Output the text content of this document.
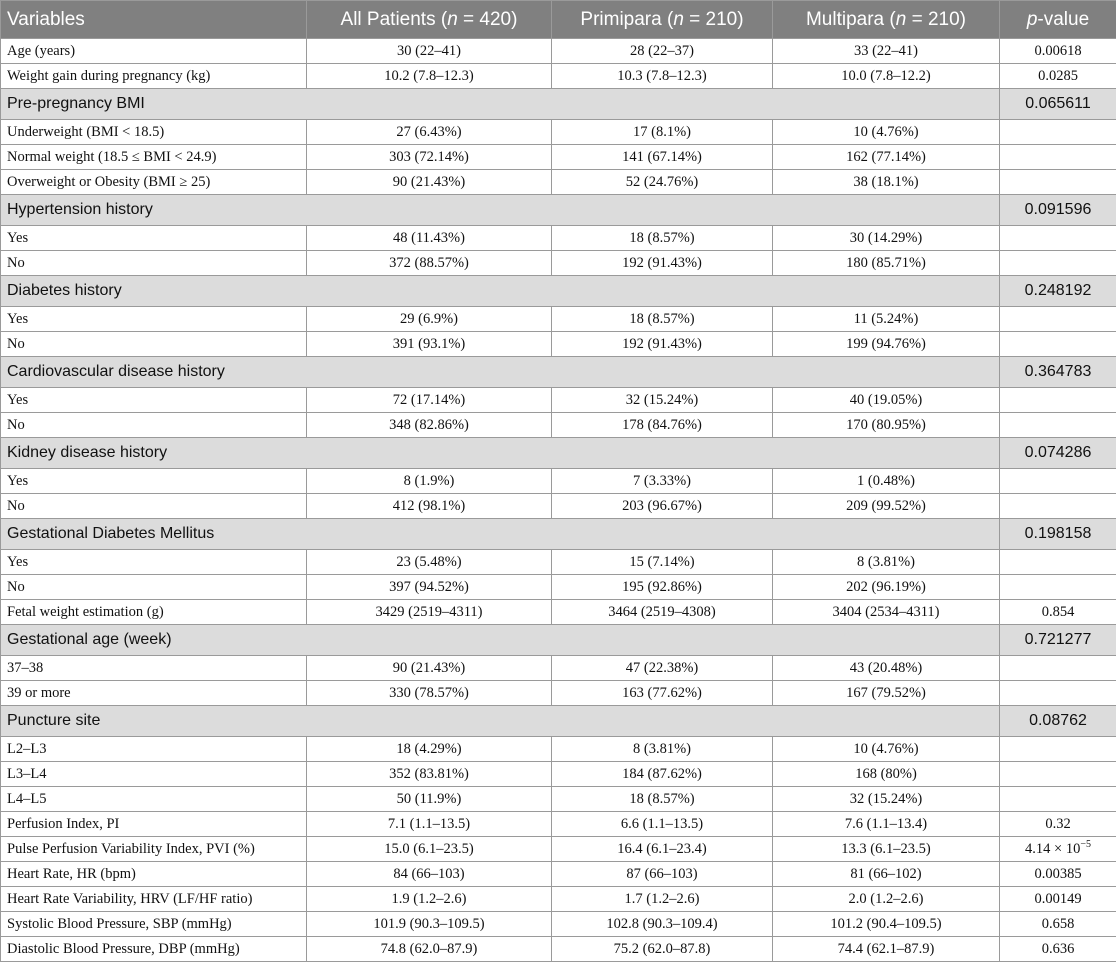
Variables	All Patients (n = 420)	Primipara (n = 210)	Multipara (n = 210)	p-value
Age (years)	30 (22–41)	28 (22–37)	33 (22–41)	0.00618
Weight gain during pregnancy (kg)	10.2 (7.8–12.3)	10.3 (7.8–12.3)	10.0 (7.8–12.2)	0.0285
Pre-pregnancy BMI				0.065611
Underweight (BMI < 18.5)	27 (6.43%)	17 (8.1%)	10 (4.76%)	
Normal weight (18.5 ≤ BMI < 24.9)	303 (72.14%)	141 (67.14%)	162 (77.14%)	
Overweight or Obesity (BMI ≥ 25)	90 (21.43%)	52 (24.76%)	38 (18.1%)	
Hypertension history				0.091596
Yes	48 (11.43%)	18 (8.57%)	30 (14.29%)	
No	372 (88.57%)	192 (91.43%)	180 (85.71%)	
Diabetes history				0.248192
Yes	29 (6.9%)	18 (8.57%)	11 (5.24%)	
No	391 (93.1%)	192 (91.43%)	199 (94.76%)	
Cardiovascular disease history				0.364783
Yes	72 (17.14%)	32 (15.24%)	40 (19.05%)	
No	348 (82.86%)	178 (84.76%)	170 (80.95%)	
Kidney disease history				0.074286
Yes	8 (1.9%)	7 (3.33%)	1 (0.48%)	
No	412 (98.1%)	203 (96.67%)	209 (99.52%)	
Gestational Diabetes Mellitus				0.198158
Yes	23 (5.48%)	15 (7.14%)	8 (3.81%)	
No	397 (94.52%)	195 (92.86%)	202 (96.19%)	
Fetal weight estimation (g)	3429 (2519–4311)	3464 (2519–4308)	3404 (2534–4311)	0.854
Gestational age (week)				0.721277
37–38	90 (21.43%)	47 (22.38%)	43 (20.48%)	
39 or more	330 (78.57%)	163 (77.62%)	167 (79.52%)	
Puncture site				0.08762
L2–L3	18 (4.29%)	8 (3.81%)	10 (4.76%)	
L3–L4	352 (83.81%)	184 (87.62%)	168 (80%)	
L4–L5	50 (11.9%)	18 (8.57%)	32 (15.24%)	
Perfusion Index, PI	7.1 (1.1–13.5)	6.6 (1.1–13.5)	7.6 (1.1–13.4)	0.32
Pulse Perfusion Variability Index, PVI (%)	15.0 (6.1–23.5)	16.4 (6.1–23.4)	13.3 (6.1–23.5)	$4.14 \times 10^{-5}$
Heart Rate, HR (bpm)	84 (66–103)	87 (66–103)	81 (66–102)	0.00385
Heart Rate Variability, HRV (LF/HF ratio)	1.9 (1.2–2.6)	1.7 (1.2–2.6)	2.0 (1.2–2.6)	0.00149
Systolic Blood Pressure, SBP (mmHg)	101.9 (90.3–109.5)	102.8 (90.3–109.4)	101.2 (90.4–109.5)	0.658
Diastolic Blood Pressure, DBP (mmHg)	74.8 (62.0–87.9)	75.2 (62.0–87.8)	74.4 (62.1–87.9)	0.636
